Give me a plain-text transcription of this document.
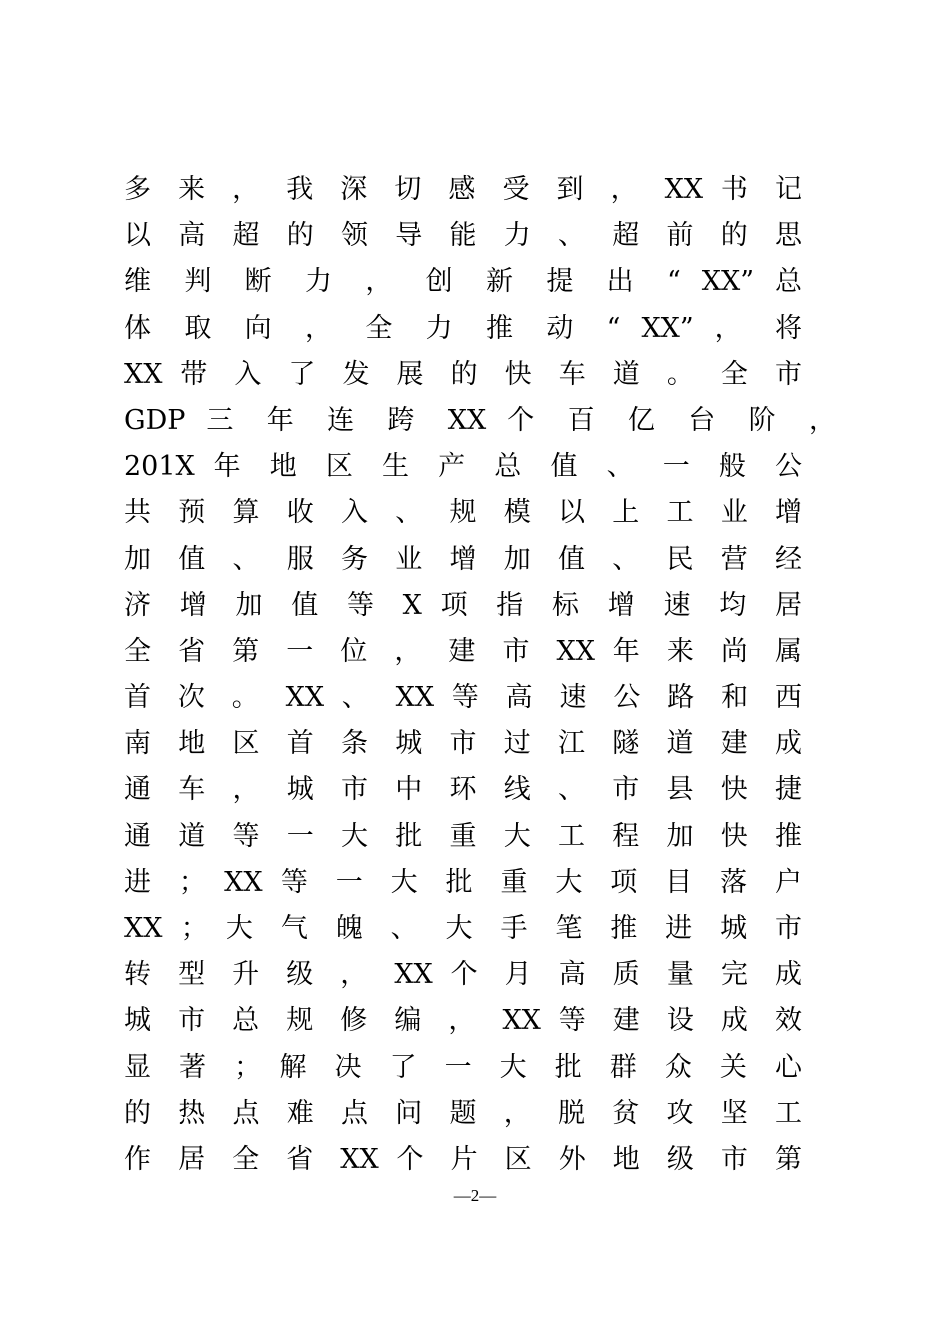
多 来 ， 我 深 切 感 受 到 ， XX 书 记
以 高 超 的 领 导 能 力 、 超 前 的 思
维 判 断 力 ， 创 新 提 出 “ XX” 总
体 取 向 ， 全 力 推 动 “ XX” ， 将
XX 带 入 了 发 展 的 快 车 道 。 全 市
GDP 三 年 连 跨 XX 个 百 亿 台 阶 ，
201X 年 地 区 生 产 总 值 、 一 般 公
共 预 算 收 入 、 规 模 以 上 工 业 增
加 值 、 服 务 业 增 加 值 、 民 营 经
济 增 加 值 等 X 项 指 标 增 速 均 居
全 省 第 一 位 ， 建 市 XX 年 来 尚 属
首 次 。 XX 、 XX 等 高 速 公 路 和 西
南 地 区 首 条 城 市 过 江 隧 道 建 成
通 车 ， 城 市 中 环 线 、 市 县 快 捷
通 道 等 一 大 批 重 大 工 程 加 快 推
进 ； XX 等 一 大 批 重 大 项 目 落 户
XX ； 大 气 魄 、 大 手 笔 推 进 城 市
转 型 升 级 ， XX 个 月 高 质 量 完 成
城 市 总 规 修 编 ， XX 等 建 设 成 效
显 著 ； 解 决 了 一 大 批 群 众 关 心
的 热 点 难 点 问 题 ， 脱 贫 攻 坚 工
作 居 全 省 XX 个 片 区 外 地 级 市 第
—2—
